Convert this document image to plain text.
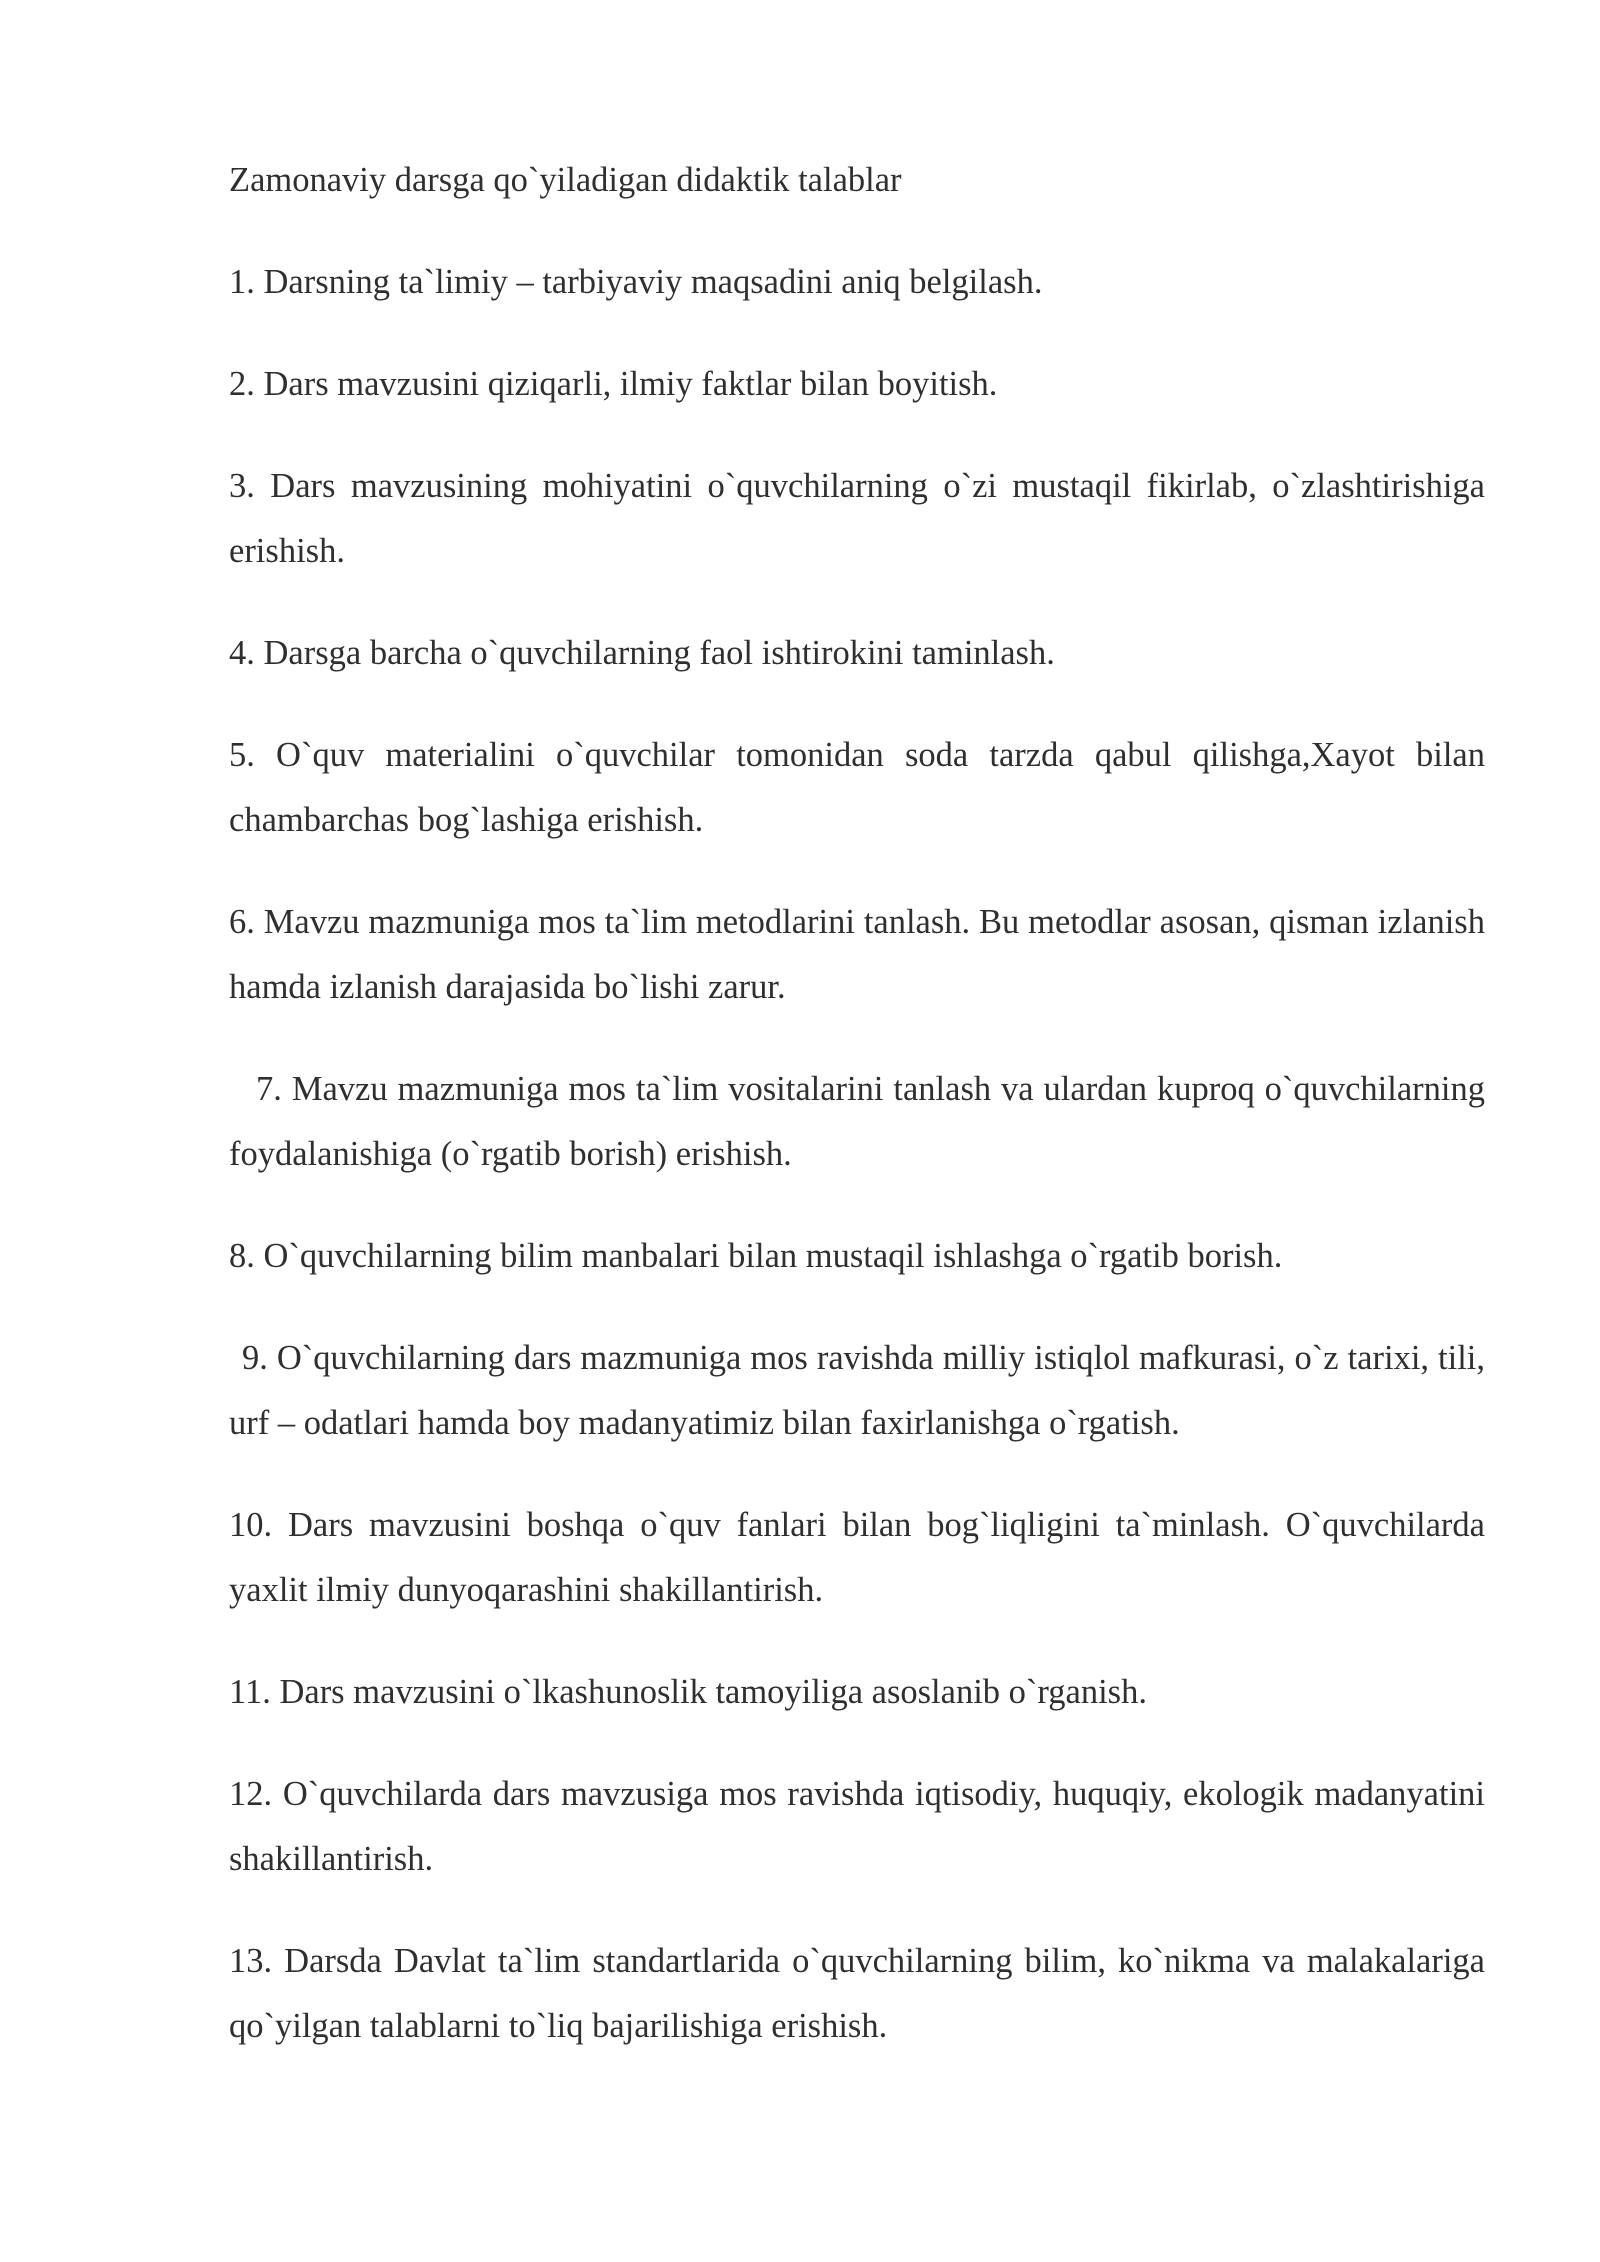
Zamonaviy darsga qo`yiladigan didaktik talablar

1. Darsning ta`limiy – tarbiyaviy maqsadini aniq belgilash.

2. Dars mavzusini qiziqarli, ilmiy faktlar bilan boyitish.

3. Dars mavzusining mohiyatini o`quvchilarning o`zi mustaqil fikirlab, o`zlashtirishiga erishish.

4. Darsga barcha o`quvchilarning faol ishtirokini taminlash.

5. O`quv materialini o`quvchilar tomonidan soda tarzda qabul qilishga,Xayot bilan chambarchas bog`lashiga erishish.

6. Mavzu mazmuniga mos ta`lim metodlarini tanlash. Bu metodlar asosan, qisman izlanish hamda izlanish darajasida bo`lishi zarur.

7. Mavzu mazmuniga mos ta`lim vositalarini tanlash va ulardan kuproq o`quvchilarning foydalanishiga (o`rgatib borish) erishish.

8. O`quvchilarning bilim manbalari bilan mustaqil ishlashga o`rgatib borish.

9. O`quvchilarning dars mazmuniga mos ravishda milliy istiqlol mafkurasi, o`z tarixi, tili, urf – odatlari hamda boy madanyatimiz bilan faxirlanishga o`rgatish.

10. Dars mavzusini boshqa o`quv fanlari bilan bog`liqligini ta`minlash. O`quvchilarda yaxlit ilmiy dunyoqarashini shakillantirish.

11. Dars mavzusini o`lkashunoslik tamoyiliga asoslanib o`rganish.

12. O`quvchilarda dars mavzusiga mos ravishda iqtisodiy, huquqiy, ekologik madanyatini shakillantirish.

13. Darsda Davlat ta`lim standartlarida o`quvchilarning bilim, ko`nikma va malakalariga qo`yilgan talablarni to`liq bajarilishiga erishish.
